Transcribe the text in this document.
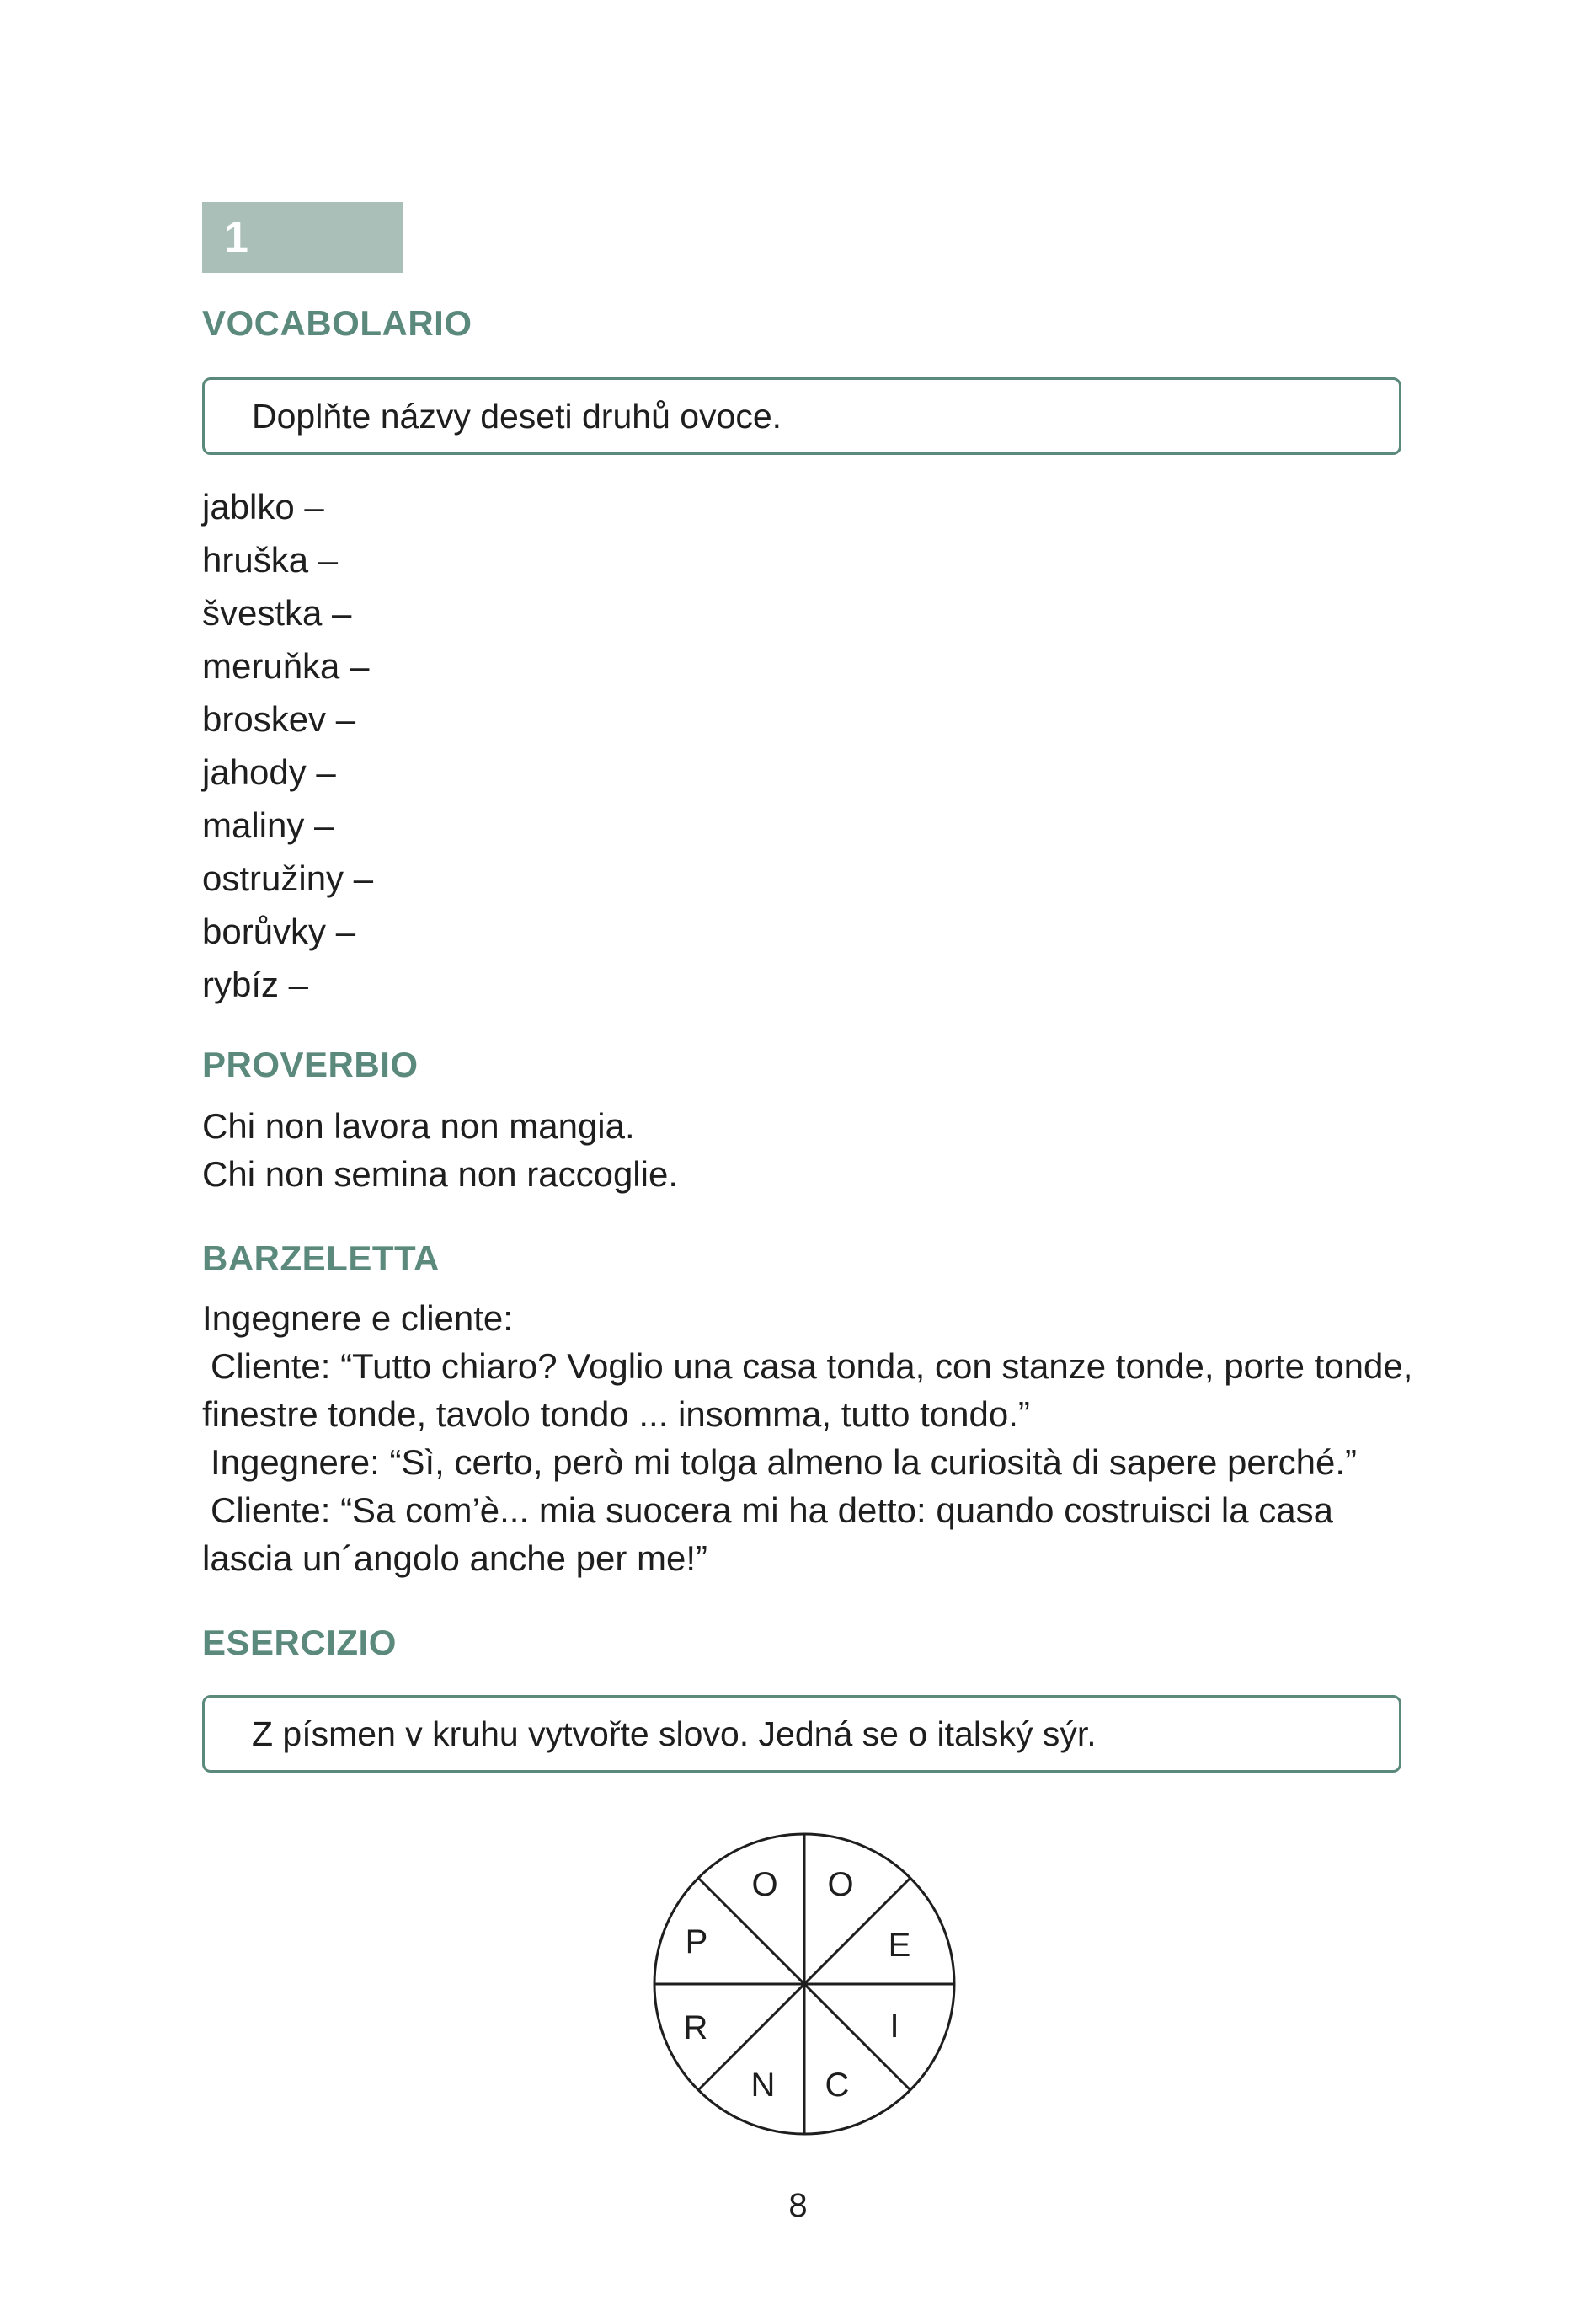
1
VOCABOLARIO
Doplňte názvy deseti druhů ovoce.
jablko –
hruška –
švestka –
meruňka –
broskev –
jahody –
maliny –
ostružiny –
borůvky –
rybíz –
PROVERBIO

Chi non lavora non mangia.

Chi non semina non raccoglie.

BARZELETTA

Ingegnere e cliente:

Cliente: “Tutto chiaro? Voglio una casa tonda, con stanze tonde, porte tonde, finestre tonde, tavolo tondo ... insomma, tutto tondo.”

Ingegnere: “Sì, certo, però mi tolga almeno la curiosità di sapere perché.”

Cliente: “Sa com’è... mia suocera mi ha detto: quando costruisci la casa lascia un´angolo anche per me!”

ESERCIZIO
Z písmen v kruhu vytvořte slovo. Jedná se o italský sýr.
O O
E
I
C
N
R
P
8
